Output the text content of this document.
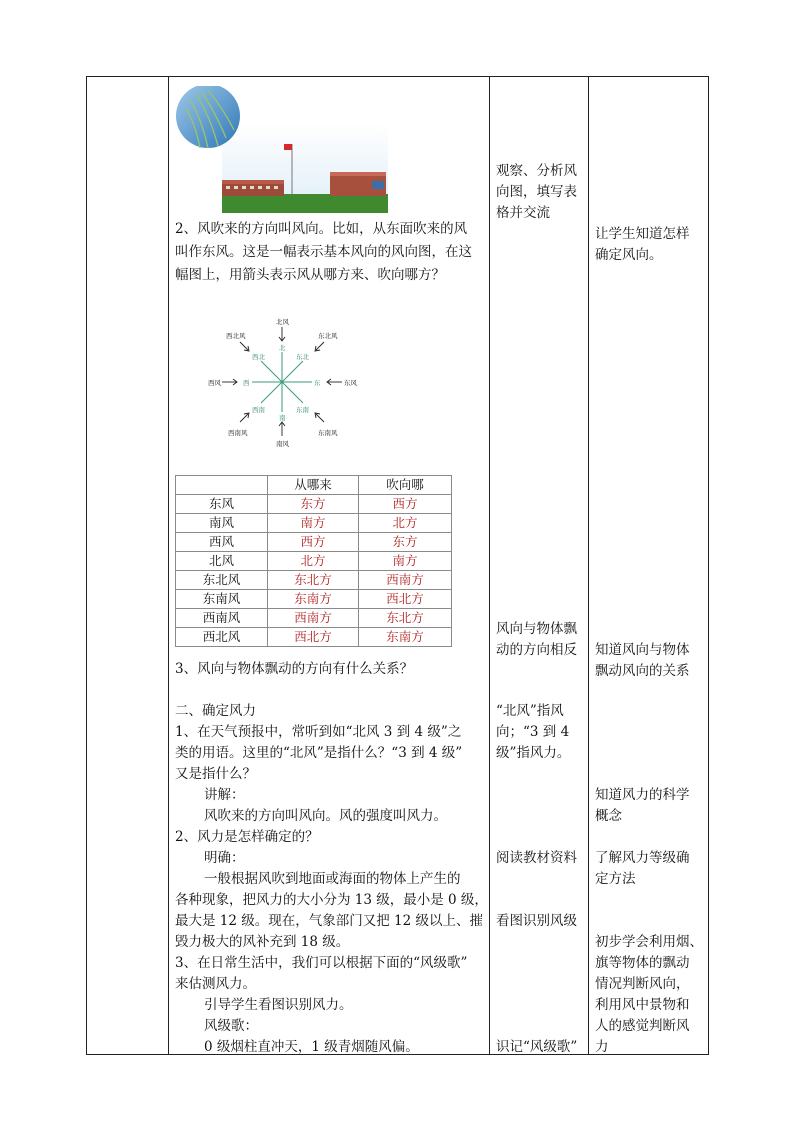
2、风吹来的方向叫风向。比如，从东面吹来的风
叫作东风。这是一幅表示基本风向的风向图，在这
幅图上，用箭头表示风从哪方来、吹向哪方？
北风
东北风
东风
东南风
南风
西南风
西风
西北风
北
东北
东
东南
南
西南
西
西北
	从哪来	吹向哪
东风	东方	西方
南风	南方	北方
西风	西方	东方
北风	北方	南方
东北风	东北方	西南方
东南风	东南方	西北方
西南风	西南方	东北方
西北风	西北方	东南方
3、风向与物体飘动的方向有什么关系？
二、确定风力
1、在天气预报中，常听到如“北风 3 到 4 级”之
类的用语。这里的“北风”是指什么？“3 到 4 级”
又是指什么？
讲解：
风吹来的方向叫风向。风的强度叫风力。
2、风力是怎样确定的？
明确：
一般根据风吹到地面或海面的物体上产生的
各种现象，把风力的大小分为 13 级，最小是 0 级，
最大是 12 级。现在，气象部门又把 12 级以上、摧
毁力极大的风补充到 18 级。
3、在日常生活中，我们可以根据下面的“风级歌”
来估测风力。
引导学生看图识别风力。
风级歌：
0 级烟柱直冲天，1 级青烟随风偏。
观察、分析风
向图，填写表
格并交流
风向与物体飘
动的方向相反
“北风”指风
向；“3 到 4
级”指风力。
阅读教材资料
看图识别风级
识记“风级歌”
让学生知道怎样
确定风向。
知道风向与物体
飘动风向的关系
知道风力的科学
概念
了解风力等级确
定方法
初步学会利用烟、
旗等物体的飘动
情况判断风向，
利用风中景物和
人的感觉判断风
力
